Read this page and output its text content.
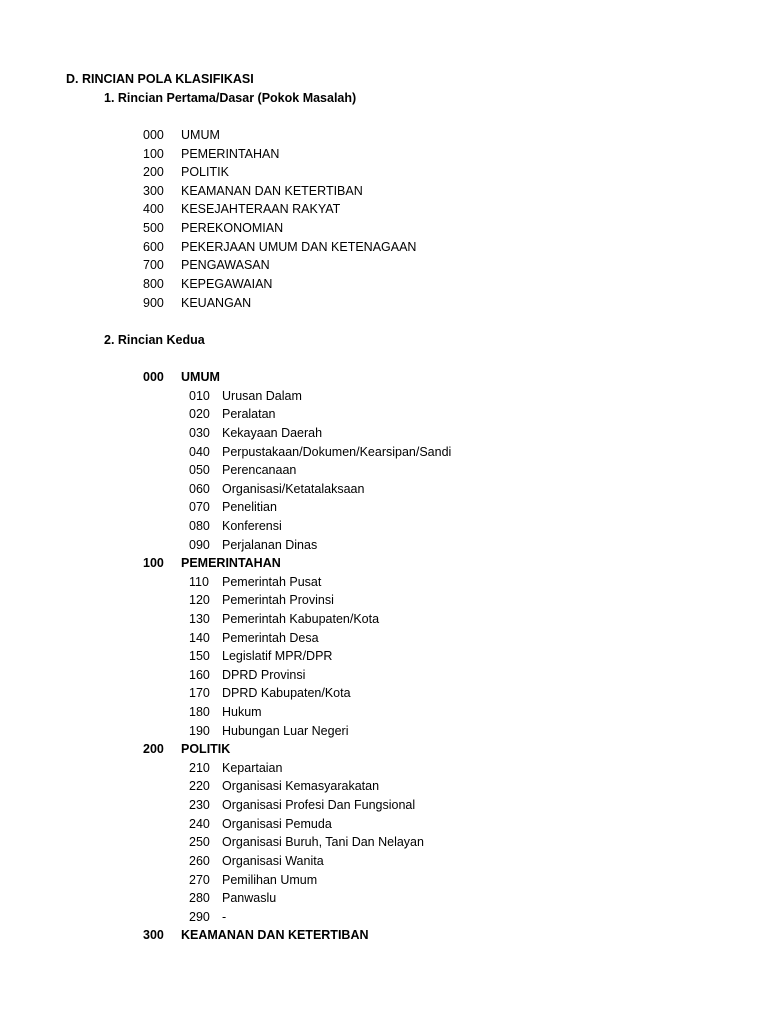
D. RINCIAN POLA KLASIFIKASI
1. Rincian Pertama/Dasar (Pokok Masalah)
000 UMUM
100 PEMERINTAHAN
200 POLITIK
300 KEAMANAN DAN KETERTIBAN
400 KESEJAHTERAAN RAKYAT
500 PEREKONOMIAN
600 PEKERJAAN UMUM DAN KETENAGAAN
700 PENGAWASAN
800 KEPEGAWAIAN
900 KEUANGAN
2. Rincian Kedua
000 UMUM
010 Urusan Dalam
020 Peralatan
030 Kekayaan Daerah
040 Perpustakaan/Dokumen/Kearsipan/Sandi
050 Perencanaan
060 Organisasi/Ketatalaksaan
070 Penelitian
080 Konferensi
090 Perjalanan Dinas
100 PEMERINTAHAN
110 Pemerintah Pusat
120 Pemerintah Provinsi
130 Pemerintah Kabupaten/Kota
140 Pemerintah Desa
150 Legislatif MPR/DPR
160 DPRD Provinsi
170 DPRD Kabupaten/Kota
180 Hukum
190 Hubungan Luar Negeri
200 POLITIK
210 Kepartaian
220 Organisasi Kemasyarakatan
230 Organisasi Profesi Dan Fungsional
240 Organisasi Pemuda
250 Organisasi Buruh, Tani Dan Nelayan
260 Organisasi Wanita
270 Pemilihan Umum
280 Panwaslu
290 -
300 KEAMANAN DAN KETERTIBAN
